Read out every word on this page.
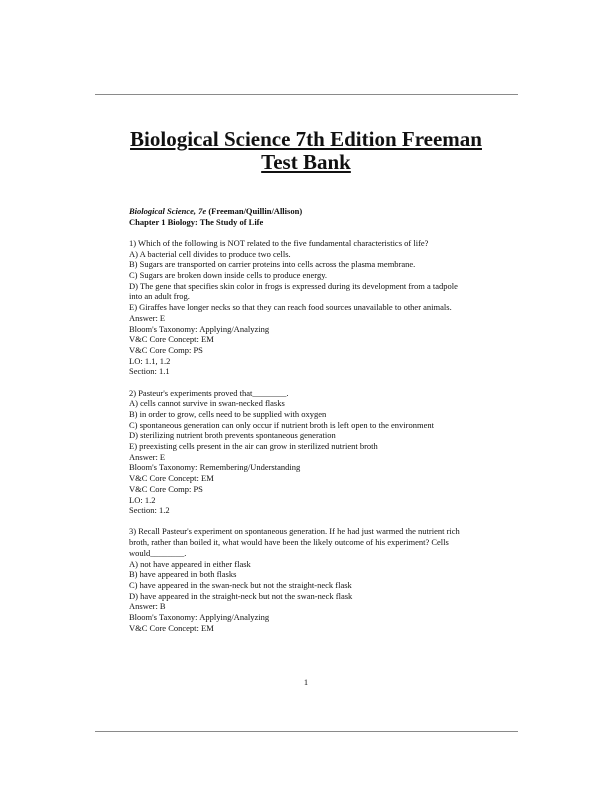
Biological Science 7th Edition Freeman
Test Bank
Biological Science, 7e (Freeman/Quillin/Allison)
Chapter 1 Biology: The Study of Life
1) Which of the following is NOT related to the five fundamental characteristics of life?
A) A bacterial cell divides to produce two cells.
B) Sugars are transported on carrier proteins into cells across the plasma membrane.
C) Sugars are broken down inside cells to produce energy.
D) The gene that specifies skin color in frogs is expressed during its development from a tadpole
into an adult frog.
E) Giraffes have longer necks so that they can reach food sources unavailable to other animals.
Answer: E
Bloom's Taxonomy: Applying/Analyzing
V&C Core Concept: EM
V&C Core Comp: PS
LO: 1.1, 1.2
Section: 1.1
2) Pasteur's experiments proved that________.
A) cells cannot survive in swan-necked flasks
B) in order to grow, cells need to be supplied with oxygen
C) spontaneous generation can only occur if nutrient broth is left open to the environment
D) sterilizing nutrient broth prevents spontaneous generation
E) preexisting cells present in the air can grow in sterilized nutrient broth
Answer: E
Bloom's Taxonomy: Remembering/Understanding
V&C Core Concept: EM
V&C Core Comp: PS
LO: 1.2
Section: 1.2
3) Recall Pasteur's experiment on spontaneous generation. If he had just warmed the nutrient rich
broth, rather than boiled it, what would have been the likely outcome of his experiment? Cells
would________.
A) not have appeared in either flask
B) have appeared in both flasks
C) have appeared in the swan-neck but not the straight-neck flask
D) have appeared in the straight-neck but not the swan-neck flask
Answer: B
Bloom's Taxonomy: Applying/Analyzing
V&C Core Concept: EM
1
